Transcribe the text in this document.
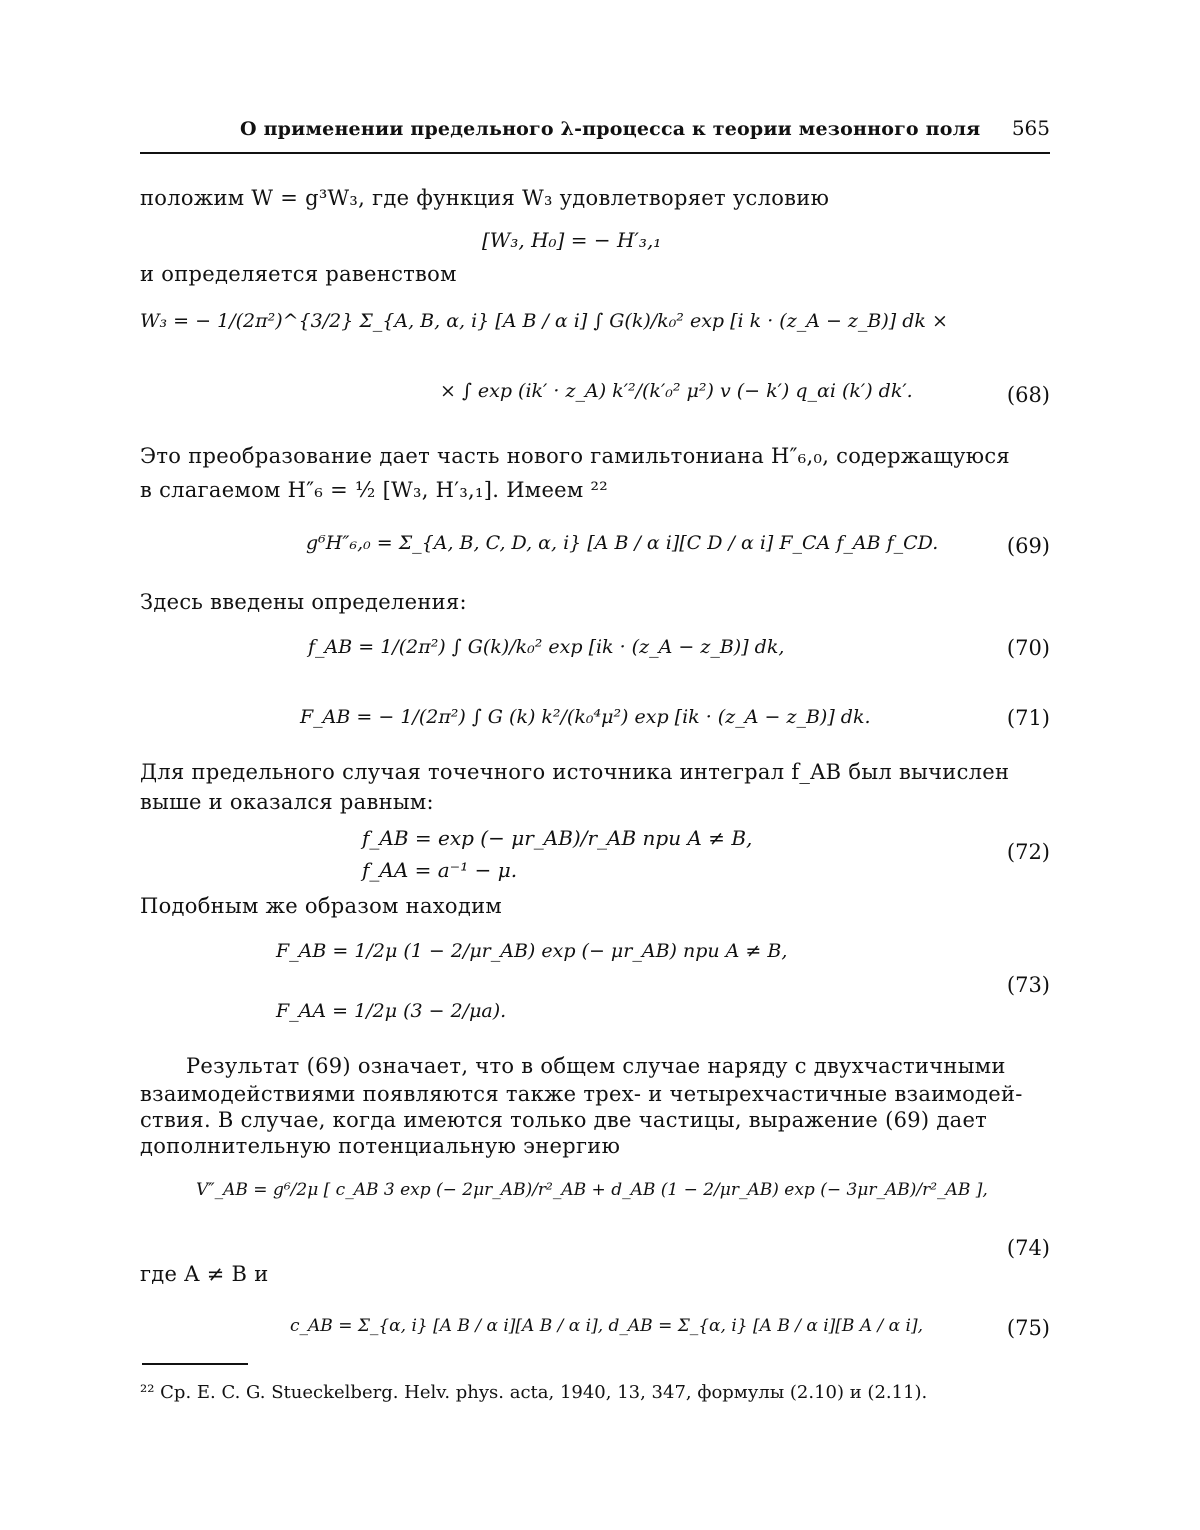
О применении предельного λ-процесса к теории мезонного поля 565
положим W = g³W₃, где функция W₃ удовлетворяет условию
[W₃, H₀] = − H′₃,₁
и определяется равенством
W₃ = − 1/(2π²)^{3/2} Σ_{A, B, α, i} [A B / α i] ∫ G(k)/k₀² exp [i k · (z_A − z_B)] dk ×
× ∫ exp (ik′ · z_A) k′²/(k′₀² μ²) v (− k′) q_αi (k′) dk′.	(68)
Это преобразование дает часть нового гамильтониана H″₆,₀, содержащуюся
в слагаемом H″₆ = ½ [W₃, H′₃,₁]. Имеем ²²
g⁶H″₆,₀ = Σ_{A, B, C, D, α, i} [A B / α i][C D / α i] F_CA f_AB f_CD.	(69)
Здесь введены определения:
f_AB = 1/(2π²) ∫ G(k)/k₀² exp [ik · (z_A − z_B)] dk,	(70)
F_AB = − 1/(2π²) ∫ G (k) k²/(k₀⁴μ²) exp [ik · (z_A − z_B)] dk.	(71)
Для предельного случая точечного источника интеграл f_AB был вычислен
выше и оказался равным:
f_AB = exp (− μr_AB)/r_AB при A ≠ B,
f_AA = a⁻¹ − μ.
(72)
Подобным же образом находим
F_AB = 1/2μ (1 − 2/μr_AB) exp (− μr_AB) при A ≠ B,
F_AA = 1/2μ (3 − 2/μa).
(73)
Результат (69) означает, что в общем случае наряду с двухчастичными
взаимодействиями появляются также трех- и четырехчастичные взаимодей-
ствия. В случае, когда имеются только две частицы, выражение (69) дает
дополнительную потенциальную энергию
V″_AB = g⁶/2μ [ c_AB 3 exp (− 2μr_AB)/r²_AB + d_AB (1 − 2/μr_AB) exp (− 3μr_AB)/r²_AB ],
(74)
где A ≠ B и
c_AB = Σ_{α, i} [A B / α i][A B / α i], d_AB = Σ_{α, i} [A B / α i][B A / α i],	(75)
²² Ср. E. C. G. Stueckelberg. Helv. phys. acta, 1940, 13, 347, формулы (2.10) и (2.11).
